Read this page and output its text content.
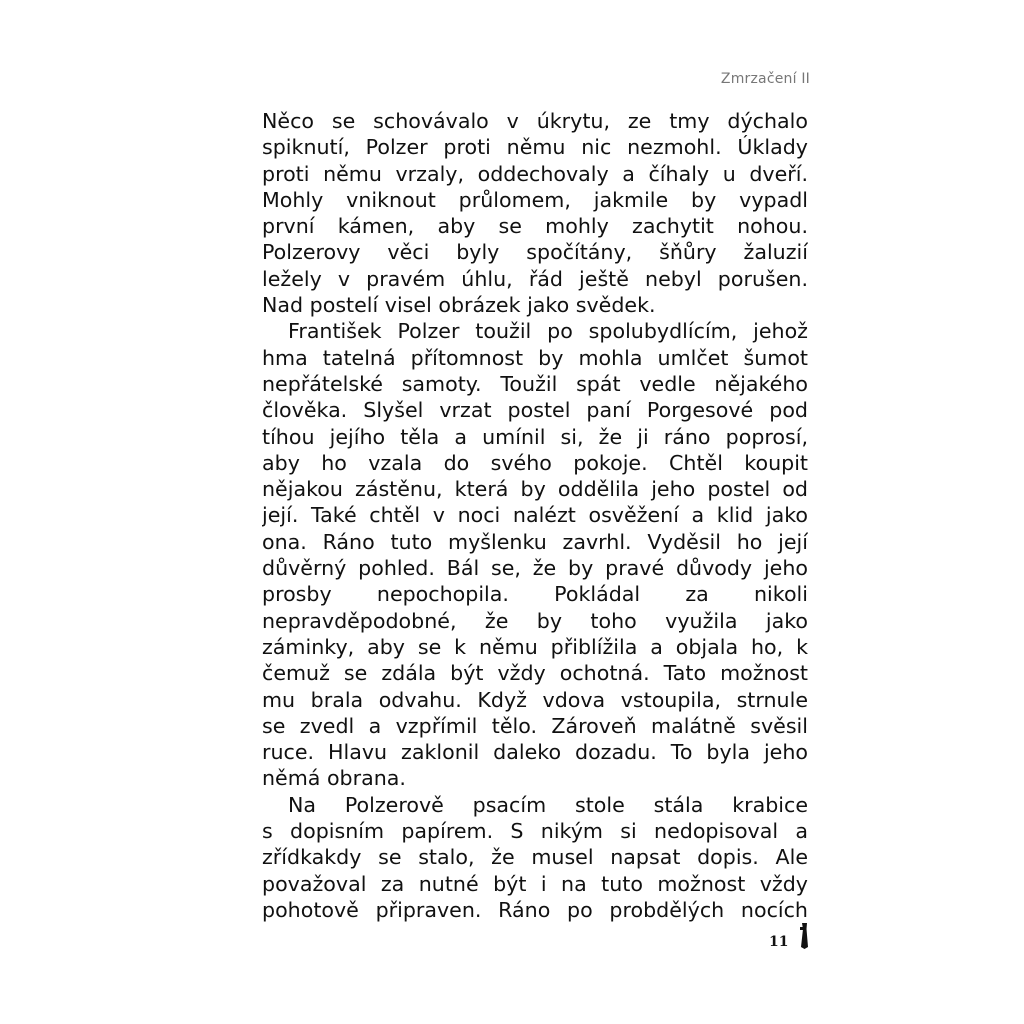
Zmrzačení II
Něco se schovávalo v úkrytu, ze tmy dýchalo
spiknutí, Polzer proti němu nic nezmohl. Úklady
proti němu vrzaly, oddechovaly a číhaly u dveří.
Mohly vniknout průlomem, jakmile by vypadl
první kámen, aby se mohly zachytit nohou.
Polzerovy věci byly spočítány, šňůry žaluzií
ležely v pravém úhlu, řád ještě nebyl porušen.
Nad postelí visel obrázek jako svědek.
František Polzer toužil po spolubydlícím, jehož
hma tatelná přítomnost by mohla umlčet šumot
nepřátelské samoty. Toužil spát vedle nějakého
člověka. Slyšel vrzat postel paní Porgesové pod
tíhou jejího těla a umínil si, že ji ráno poprosí,
aby ho vzala do svého pokoje. Chtěl koupit
nějakou zástěnu, která by oddělila jeho postel od
její. Také chtěl v noci nalézt osvěžení a klid jako
ona. Ráno tuto myšlenku zavrhl. Vyděsil ho její
důvěrný pohled. Bál se, že by pravé důvody jeho
prosby nepochopila. Pokládal za nikoli
nepravděpodobné, že by toho využila jako
záminky, aby se k němu přiblížila a objala ho, k
čemuž se zdála být vždy ochotná. Tato možnost
mu brala odvahu. Když vdova vstoupila, strnule
se zvedl a vzpřímil tělo. Zároveň malátně svěsil
ruce. Hlavu zaklonil daleko dozadu. To byla jeho
němá obrana.
Na Polzerově psacím stole stála krabice
s dopisním papírem. S nikým si nedopisoval a
zřídkakdy se stalo, že musel napsat dopis. Ale
považoval za nutné být i na tuto možnost vždy
pohotově připraven. Ráno po probdělých nocích
11
